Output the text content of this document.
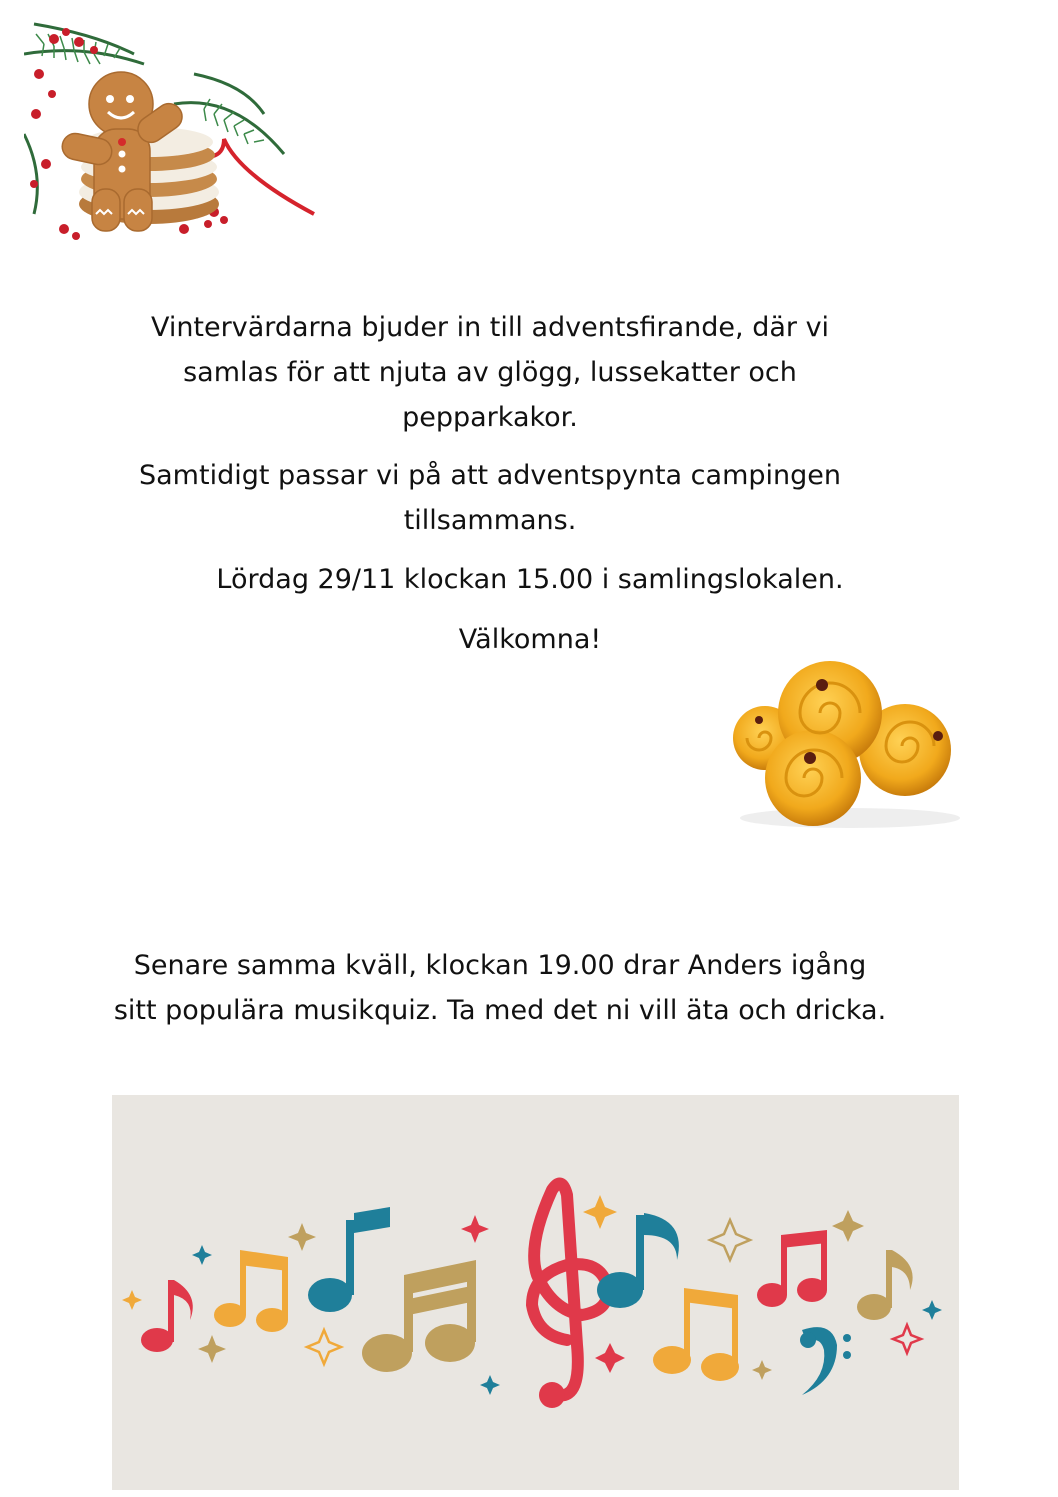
Vintervärdarna bjuder in till adventsfirande, där vi samlas för att njuta av glögg, lussekatter och pepparkakor.

Samtidigt passar vi på att adventspynta campingen tillsammans.

Lördag 29/11 klockan 15.00 i samlingslokalen.

Välkomna!

Senare samma kväll, klockan 19.00 drar Anders igång sitt populära musikquiz. Ta med det ni vill äta och dricka.
